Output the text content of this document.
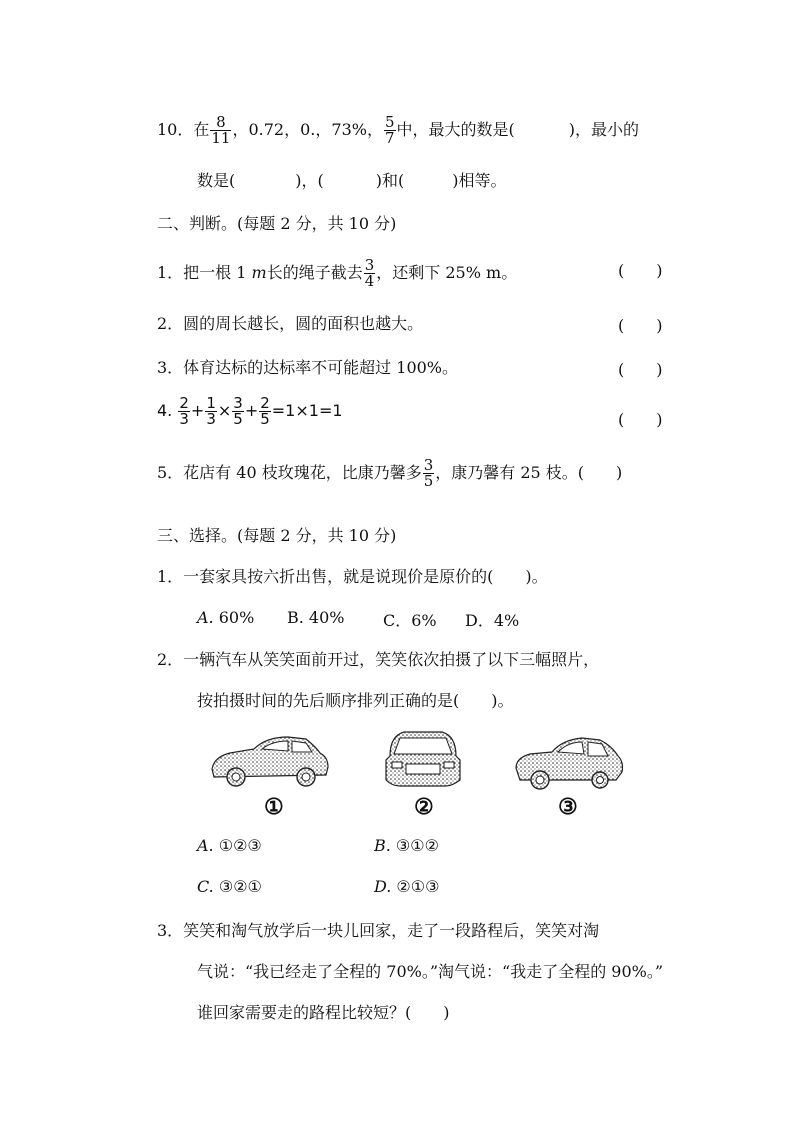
10．在 $\frac{8}{11}$ ，0.72，0.，73%， $\frac{5}{7}$ 中，最大的数是(	)，最小的
数是(	)，(	)和(	)相等。
二、判断。(每题 2 分，共 10 分)
1．把一根 1 m长的绳子截去 $\frac{3}{4}$ ，还剩下 25% m。	(　　)
2．圆的周长越长，圆的面积也越大。	(　　)
3．体育达标的达标率不可能超过 100%。	(　　)
4. $\frac{2}{3} + \frac{1}{3} \times \frac{3}{5} + \frac{2}{5} =1\times 1=1$	(　　)
5．花店有 40 枝玫瑰花，比康乃馨多 $\frac{3}{5}$ ，康乃馨有 25 枝。(　　)
三、选择。(每题 2 分，共 10 分)
1．一套家具按六折出售，就是说现价是原价的(　　)。
A. 60% B. 40% C．6% D．4%
2．一辆汽车从笑笑面前开过，笑笑依次拍摄了以下三幅照片，
按拍摄时间的先后顺序排列正确的是(　　)。
①	②	③
A. ①②③	B. ③①②
C. ③②①	D. ②①③
3．笑笑和淘气放学后一块儿回家，走了一段路程后，笑笑对淘
气说：“我已经走了全程的 70%。”淘气说：“我走了全程的 90%。”
谁回家需要走的路程比较短？(　　)
